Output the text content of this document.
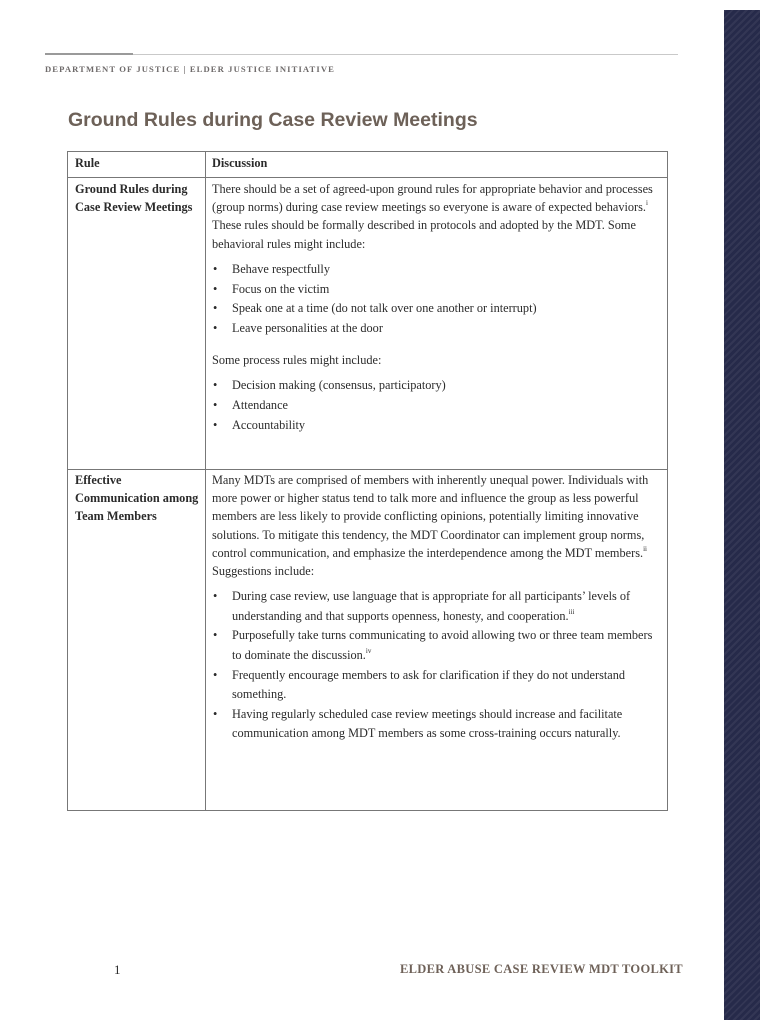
DEPARTMENT OF JUSTICE | ELDER JUSTICE INITIATIVE
Ground Rules during Case Review Meetings
Rule	Discussion
Ground Rules during Case Review Meetings

There should be a set of agreed-upon ground rules for appropriate behavior and processes (group norms) during case review meetings so everyone is aware of expected behaviors.$^i$ These rules should be formally described in protocols and adopted by the MDT. Some behavioral rules might include:

• Behave respectfully
• Focus on the victim
• Speak one at a time (do not talk over one another or interrupt)
• Leave personalities at the door

Some process rules might include:

• Decision making (consensus, participatory)
• Attendance
• Accountability
Effective Communication among Team Members

Many MDTs are comprised of members with inherently unequal power. Individuals with more power or higher status tend to talk more and influence the group as less powerful members are less likely to provide conflicting opinions, potentially limiting innovative solutions. To mitigate this tendency, the MDT Coordinator can implement group norms, control communication, and emphasize the interdependence among the MDT members.$^{ii}$ Suggestions include:

• During case review, use language that is appropriate for all participants’ levels of understanding and that supports openness, honesty, and cooperation.$^{iii}$
• Purposefully take turns communicating to avoid allowing two or three team members to dominate the discussion.$^{iv}$
• Frequently encourage members to ask for clarification if they do not understand something.
• Having regularly scheduled case review meetings should increase and facilitate communication among MDT members as some cross-training occurs naturally.
1	ELDER ABUSE CASE REVIEW MDT TOOLKIT
